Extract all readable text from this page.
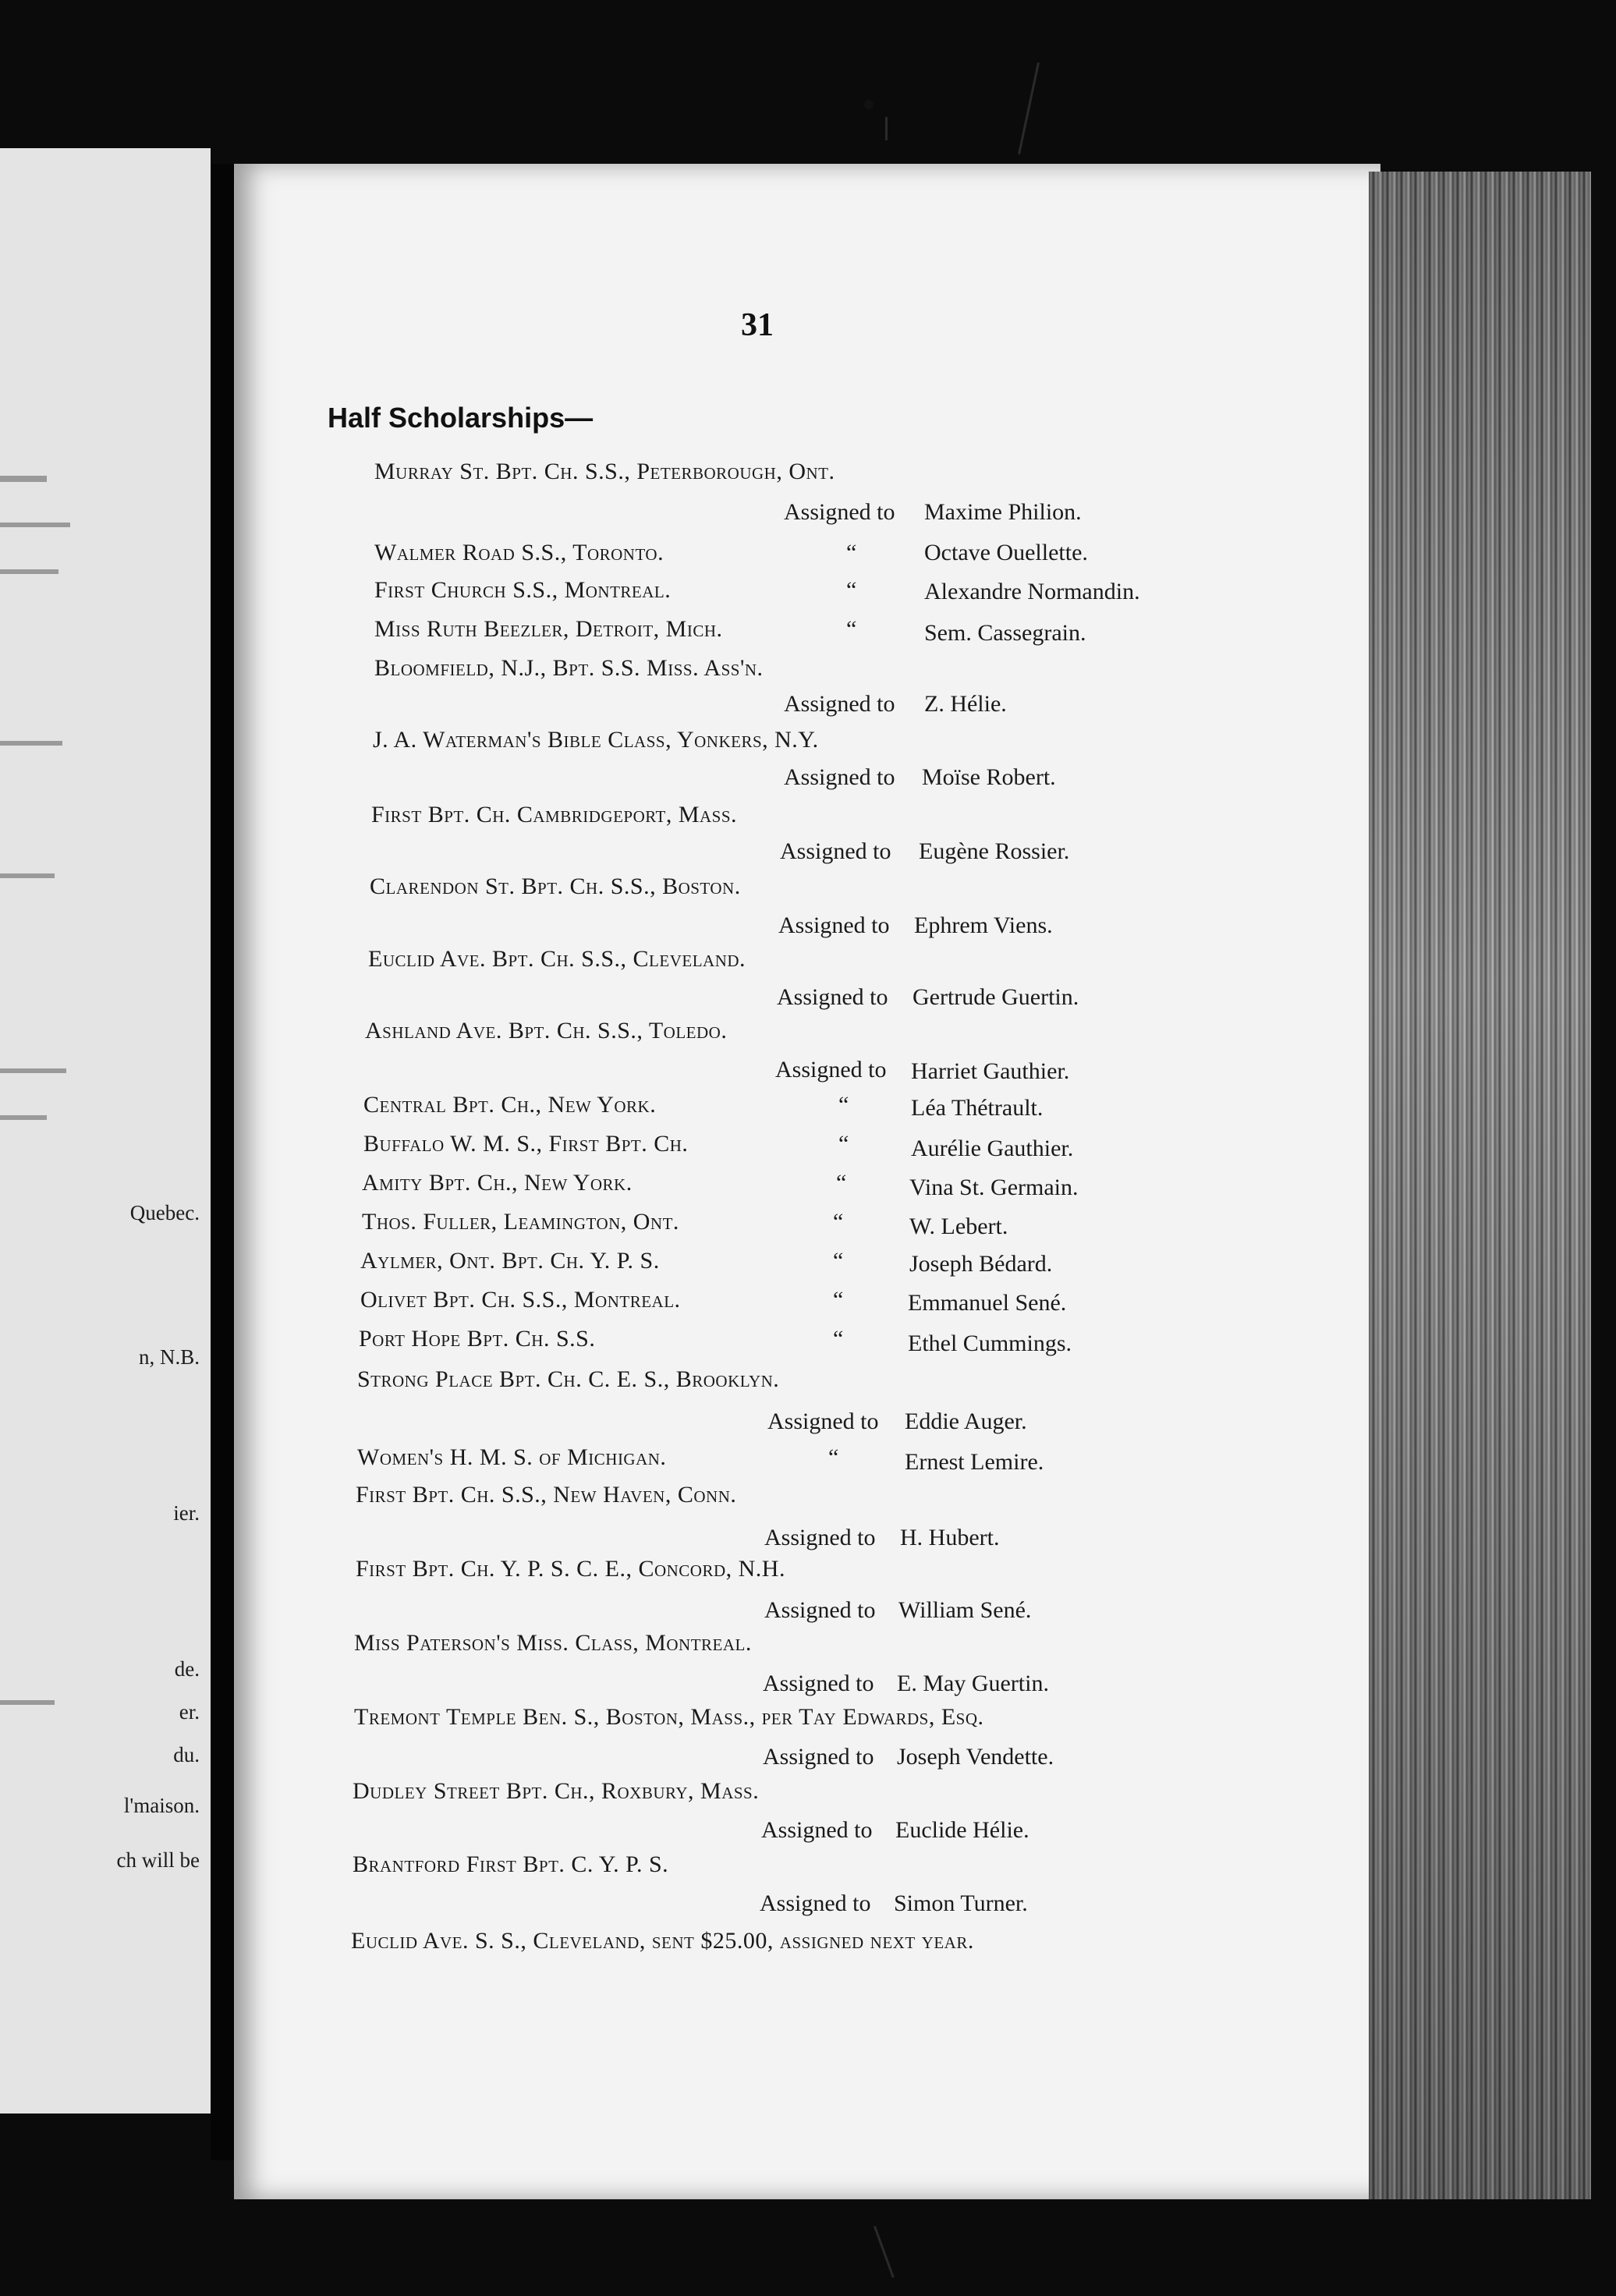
Quebec.
n, N.B.
ier.
de.
er.
du.
l'maison.
ch will be
31
Half Scholarships—
Murray St. Bpt. Ch. S.S., Peterborough, Ont.
Assigned to Maxime Philion.
Walmer Road S.S., Toronto.	“	Octave Ouellette.
First Church S.S., Montreal.	“	Alexandre Normandin.
Miss Ruth Beezler, Detroit, Mich.	“	Sem. Cassegrain.
Bloomfield, N.J., Bpt. S.S. Miss. Ass'n.
Assigned to Z. Hélie.
J. A. Waterman's Bible Class, Yonkers, N.Y.
Assigned to Moïse Robert.
First Bpt. Ch. Cambridgeport, Mass.
Assigned to Eugène Rossier.
Clarendon St. Bpt. Ch. S.S., Boston.
Assigned to Ephrem Viens.
Euclid Ave. Bpt. Ch. S.S., Cleveland.
Assigned to Gertrude Guertin.
Ashland Ave. Bpt. Ch. S.S., Toledo.
Assigned to Harriet Gauthier.
Central Bpt. Ch., New York.	“	Léa Thétrault.
Buffalo W. M. S., First Bpt. Ch.	“	Aurélie Gauthier.
Amity Bpt. Ch., New York.	“	Vina St. Germain.
Thos. Fuller, Leamington, Ont.	“	W. Lebert.
Aylmer, Ont. Bpt. Ch. Y. P. S.	“	Joseph Bédard.
Olivet Bpt. Ch. S.S., Montreal.	“	Emmanuel Sené.
Port Hope Bpt. Ch. S.S.	“	Ethel Cummings.
Strong Place Bpt. Ch. C. E. S., Brooklyn.
Assigned to Eddie Auger.
Women's H. M. S. of Michigan.	“	Ernest Lemire.
First Bpt. Ch. S.S., New Haven, Conn.
Assigned to H. Hubert.
First Bpt. Ch. Y. P. S. C. E., Concord, N.H.
Assigned to William Sené.
Miss Paterson's Miss. Class, Montreal.
Assigned to E. May Guertin.
Tremont Temple Ben. S., Boston, Mass., per Tay Edwards, Esq.
Assigned to Joseph Vendette.
Dudley Street Bpt. Ch., Roxbury, Mass.
Assigned to Euclide Hélie.
Brantford First Bpt. C. Y. P. S.
Assigned to Simon Turner.
Euclid Ave. S. S., Cleveland, sent $25.00, assigned next year.
